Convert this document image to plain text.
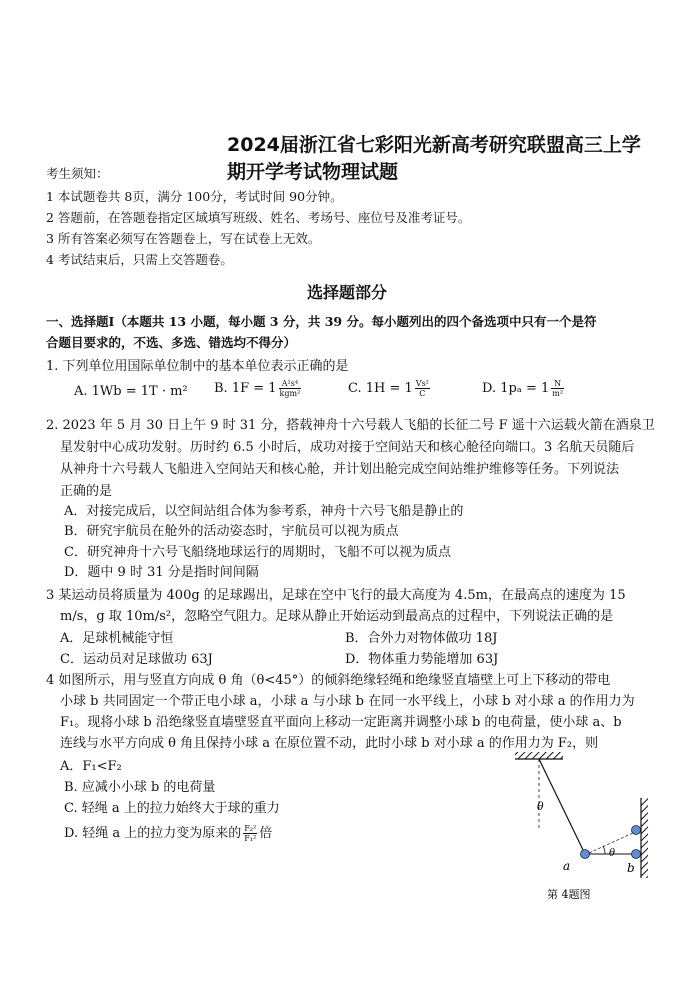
2024届浙江省七彩阳光新高考研究联盟高三上学
期开学考试物理试题
考生须知：
1 本试题卷共 8页，满分 100分，考试时间 90分钟。
2 答题前，在答题卷指定区域填写班级、姓名、考场号、座位号及准考证号。
3 所有答案必须写在答题卷上，写在试卷上无效。
4 考试结束后，只需上交答题卷。
选择题部分
一、选择题Ⅰ（本题共 13 小题，每小题 3 分，共 39 分。每小题列出的四个备选项中只有一个是符
合题目要求的，不选、多选、错选均不得分）
1. 下列单位用国际单位制中的基本单位表示正确的是
A. 1Wb = 1T · m² B. $1F = 1 \frac{\text{A²s⁴}}{\text{kgm²}}$	C. $1H = 1 \frac{\text{Vs²}}{C}$	D. $1p_a = 1 \frac{N}{\text{m²}}$
2. 2023 年 5 月 30 日上午 9 时 31 分，搭载神舟十六号载人飞船的长征二号 F 遥十六运载火箭在酒泉卫
星发射中心成功发射。历时约 6.5 小时后，成功对接于空间站天和核心舱径向端口。3 名航天员随后
从神舟十六号载人飞船进入空间站天和核心舱，并计划出舱完成空间站维护维修等任务。下列说法
正确的是
A．对接完成后，以空间站组合体为参考系，神舟十六号飞船是静止的
B．研究宇航员在舱外的活动姿态时，宇航员可以视为质点
C．研究神舟十六号飞船绕地球运行的周期时，飞船不可以视为质点
D．题中 9 时 31 分是指时间间隔
3 某运动员将质量为 400g 的足球踢出，足球在空中飞行的最大高度为 4.5m，在最高点的速度为 15
m/s，g 取 10m/s²，忽略空气阻力。足球从静止开始运动到最高点的过程中，下列说法正确的是
A．足球机械能守恒	B．合外力对物体做功 18J
C．运动员对足球做功 63J	D．物体重力势能增加 63J
4 如图所示，用与竖直方向成 θ 角（θ<45°）的倾斜绝缘轻绳和绝缘竖直墙壁上可上下移动的带电
小球 b 共同固定一个带正电小球 a，小球 a 与小球 b 在同一水平线上，小球 b 对小球 a 的作用力为
F₁。现将小球 b 沿绝缘竖直墙壁竖直平面向上移动一定距离并调整小球 b 的电荷量，使小球 a、b
连线与水平方向成 θ 角且保持小球 a 在原位置不动，此时小球 b 对小球 a 的作用力为 F₂，则
A．F₁<F₂
B. 应减小小球 b 的电荷量
C. 轻绳 a 上的拉力始终大于球的重力
D. 轻绳 a 上的拉力变为原来的 $\frac{\text{F₂²}}{\text{F₁²}}$ 倍
θ
a
θ
b
第 4题图
